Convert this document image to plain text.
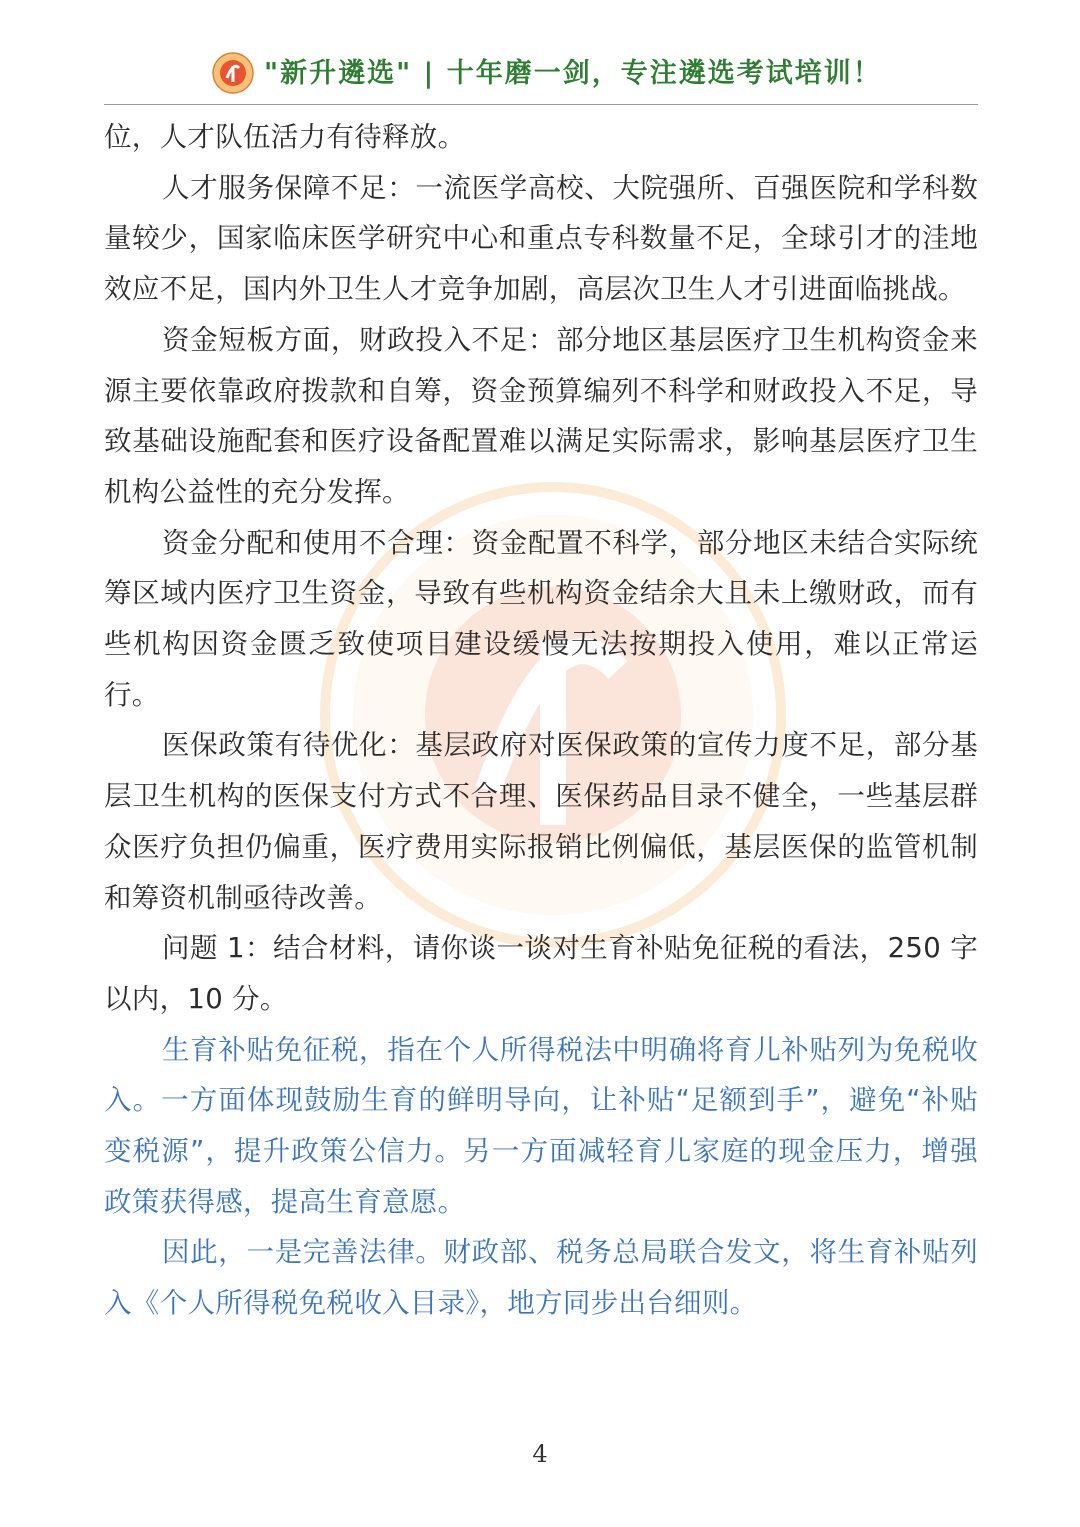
"新升遴选" | 十年磨一剑，专注遴选考试培训！

位，人才队伍活力有待释放。

人才服务保障不足：一流医学高校、大院强所、百强医院和学科数量较少，国家临床医学研究中心和重点专科数量不足，全球引才的洼地效应不足，国内外卫生人才竞争加剧，高层次卫生人才引进面临挑战。

资金短板方面，财政投入不足：部分地区基层医疗卫生机构资金来源主要依靠政府拨款和自筹，资金预算编列不科学和财政投入不足，导致基础设施配套和医疗设备配置难以满足实际需求，影响基层医疗卫生机构公益性的充分发挥。

资金分配和使用不合理：资金配置不科学，部分地区未结合实际统筹区域内医疗卫生资金，导致有些机构资金结余大且未上缴财政，而有些机构因资金匮乏致使项目建设缓慢无法按期投入使用，难以正常运行。

医保政策有待优化：基层政府对医保政策的宣传力度不足，部分基层卫生机构的医保支付方式不合理、医保药品目录不健全，一些基层群众医疗负担仍偏重，医疗费用实际报销比例偏低，基层医保的监管机制和筹资机制亟待改善。

问题 1：结合材料，请你谈一谈对生育补贴免征税的看法，250 字以内，10 分。

生育补贴免征税，指在个人所得税法中明确将育儿补贴列为免税收入。一方面体现鼓励生育的鲜明导向，让补贴“足额到手”，避免“补贴变税源”，提升政策公信力。另一方面减轻育儿家庭的现金压力，增强政策获得感，提高生育意愿。

因此，一是完善法律。财政部、税务总局联合发文，将生育补贴列入《个人所得税免税收入目录》，地方同步出台细则。

4
